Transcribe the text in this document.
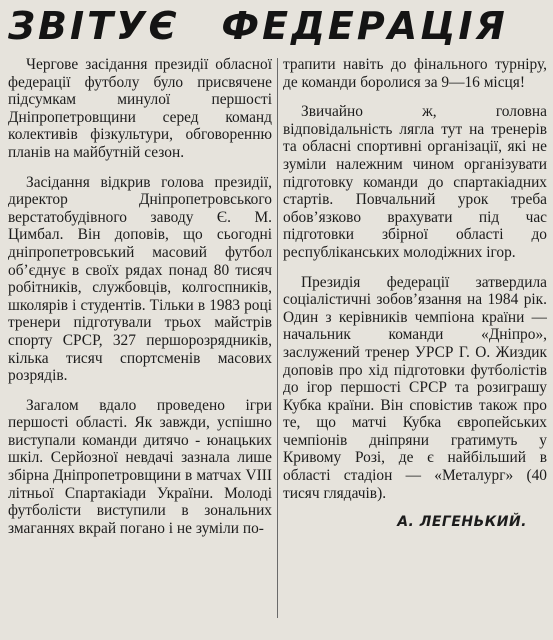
ЗВІТУЄ ФЕДЕРАЦІЯ

Чергове засідання президії обласної федерації футболу було присвячене підсумкам минулої першості Дніпропетровщини серед команд колективів фізкультури, обговоренню планів на майбутній сезон.

Засідання відкрив голова президії, директор Дніпропетровського верстатобудівного заводу Є. М. Цимбал. Він доповів, що сьогодні дніпропетровський масовий футбол об’єднує в своїх рядах понад 80 тисяч робітників, службовців, колгоспників, школярів і студентів. Тільки в 1983 році тренери підготували трьох майстрів спорту СРСР, 327 першорозрядників, кілька тисяч спортсменів масових розрядів.

Загалом вдало проведено ігри першості області. Як завжди, успішно виступали команди дитячо - юнацьких шкіл. Серйозної невдачі зазнала лише збірна Дніпропетровщини в матчах VIII літньої Спартакіади України. Молоді футболісти виступили в зональних змаганнях вкрай погано і не зуміли по-

трапити навіть до фінального турніру, де команди боролися за 9—16 місця!

Звичайно ж, головна відповідальність лягла тут на тренерів та обласні спортивні організації, які не зуміли належним чином організувати підготовку команди до спартакіадних стартів. Повчальний урок треба обов’язково врахувати під час підготовки збірної області до республіканських молодіжних ігор.

Президія федерації затвердила соціалістичні зобов’язання на 1984 рік. Один з керівників чемпіона країни — начальник команди «Дніпро», заслужений тренер УРСР Г. О. Жиздик доповів про хід підготовки футболістів до ігор першості СРСР та розиграшу Кубка країни. Він сповістив також про те, що матчі Кубка європейських чемпіонів дніпряни гратимуть у Кривому Розі, де є найбільший в області стадіон — «Металург» (40 тисяч глядачів).

А. ЛЕГЕНЬКИЙ.
